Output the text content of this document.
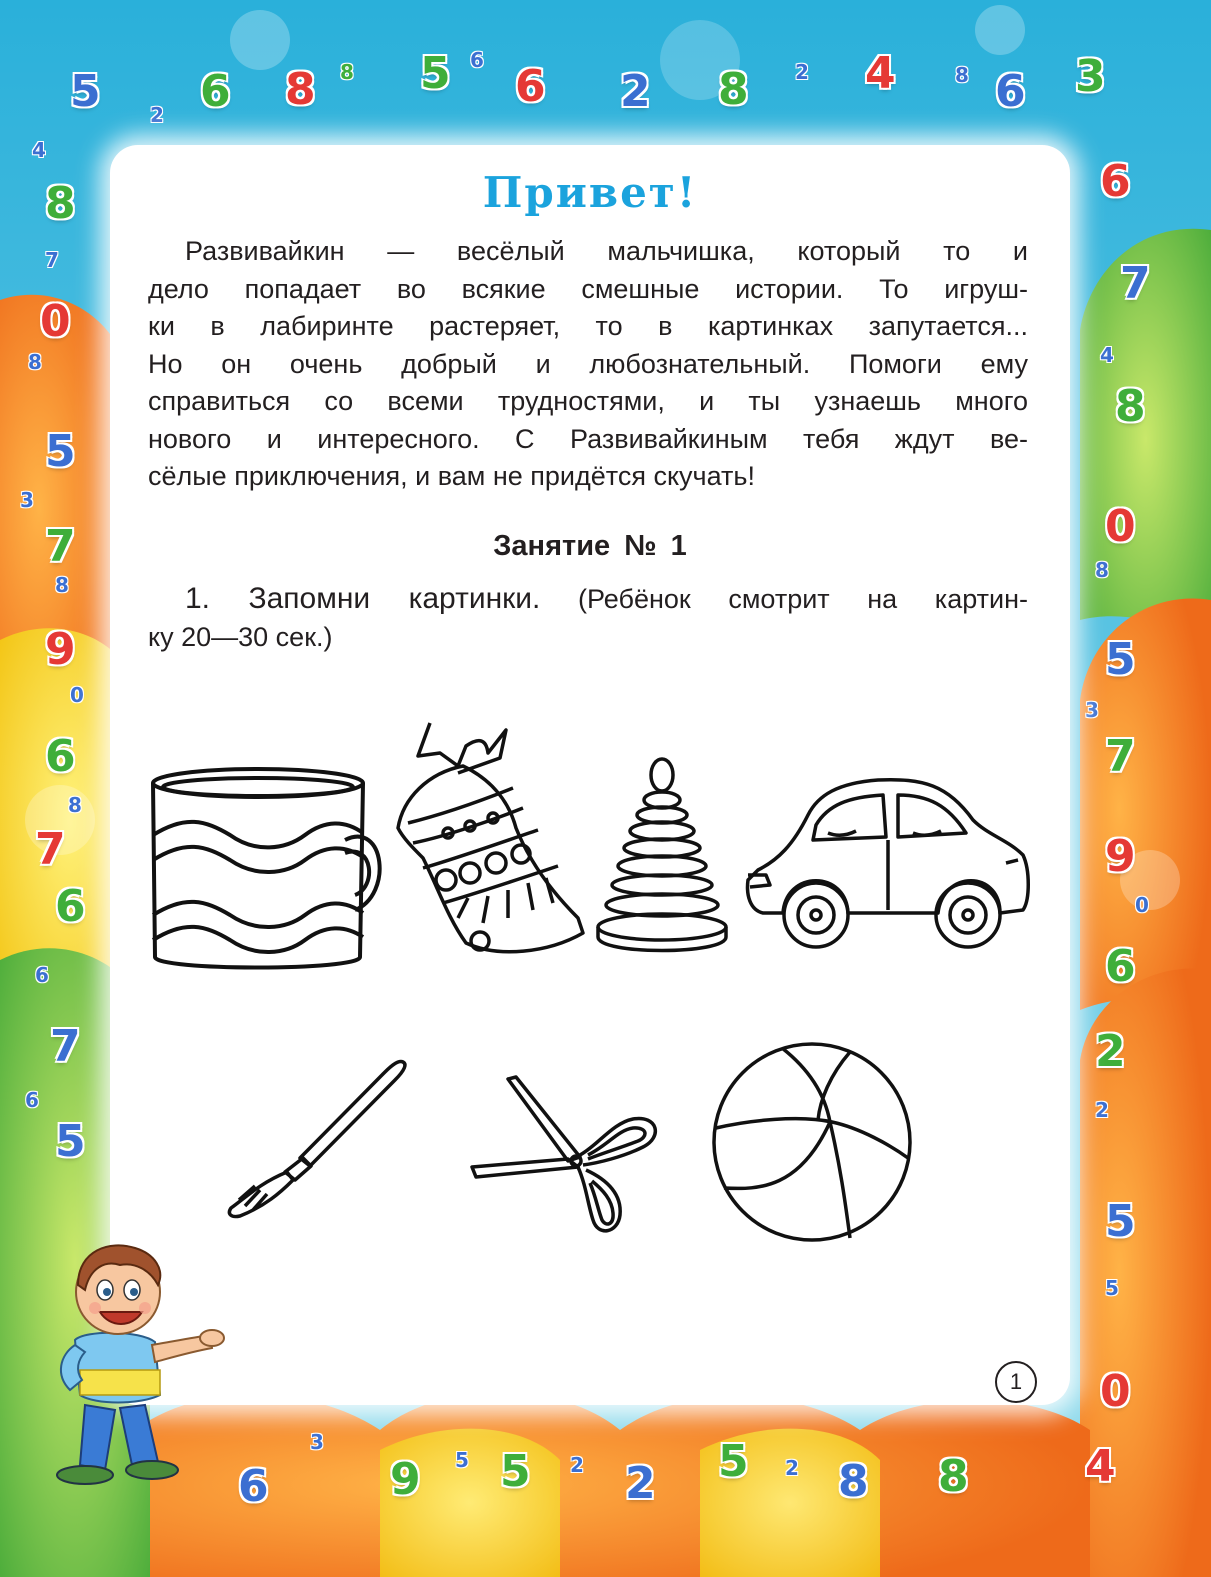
5 2 6 8 8 5 6
6 2 8 2 4	8 6 3
4
8
7
0
8
5
3
7
8
9
0
6
8
7
6
6
7
6
5
6
7
4
8
0
8
5
3
7
9
0
6
2
2
5
5
0
6
3
9 5 5 2 2 5 2 8 8	4
Привет!
Развивайкин — весёлый мальчишка, который то и
дело попадает во всякие смешные истории. То игруш-
ки в лабиринте растеряет, то в картинках запутается...
Но он очень добрый и любознательный. Помоги ему
справиться со всеми трудностями, и ты узнаешь много
нового и интересного. С Развивайкиным тебя ждут ве-
сёлые приключения, и вам не придётся скучать!
Занятие № 1
1. Запомни картинки. (Ребёнок смотрит на картин-
ку 20—30 сек.)
1
